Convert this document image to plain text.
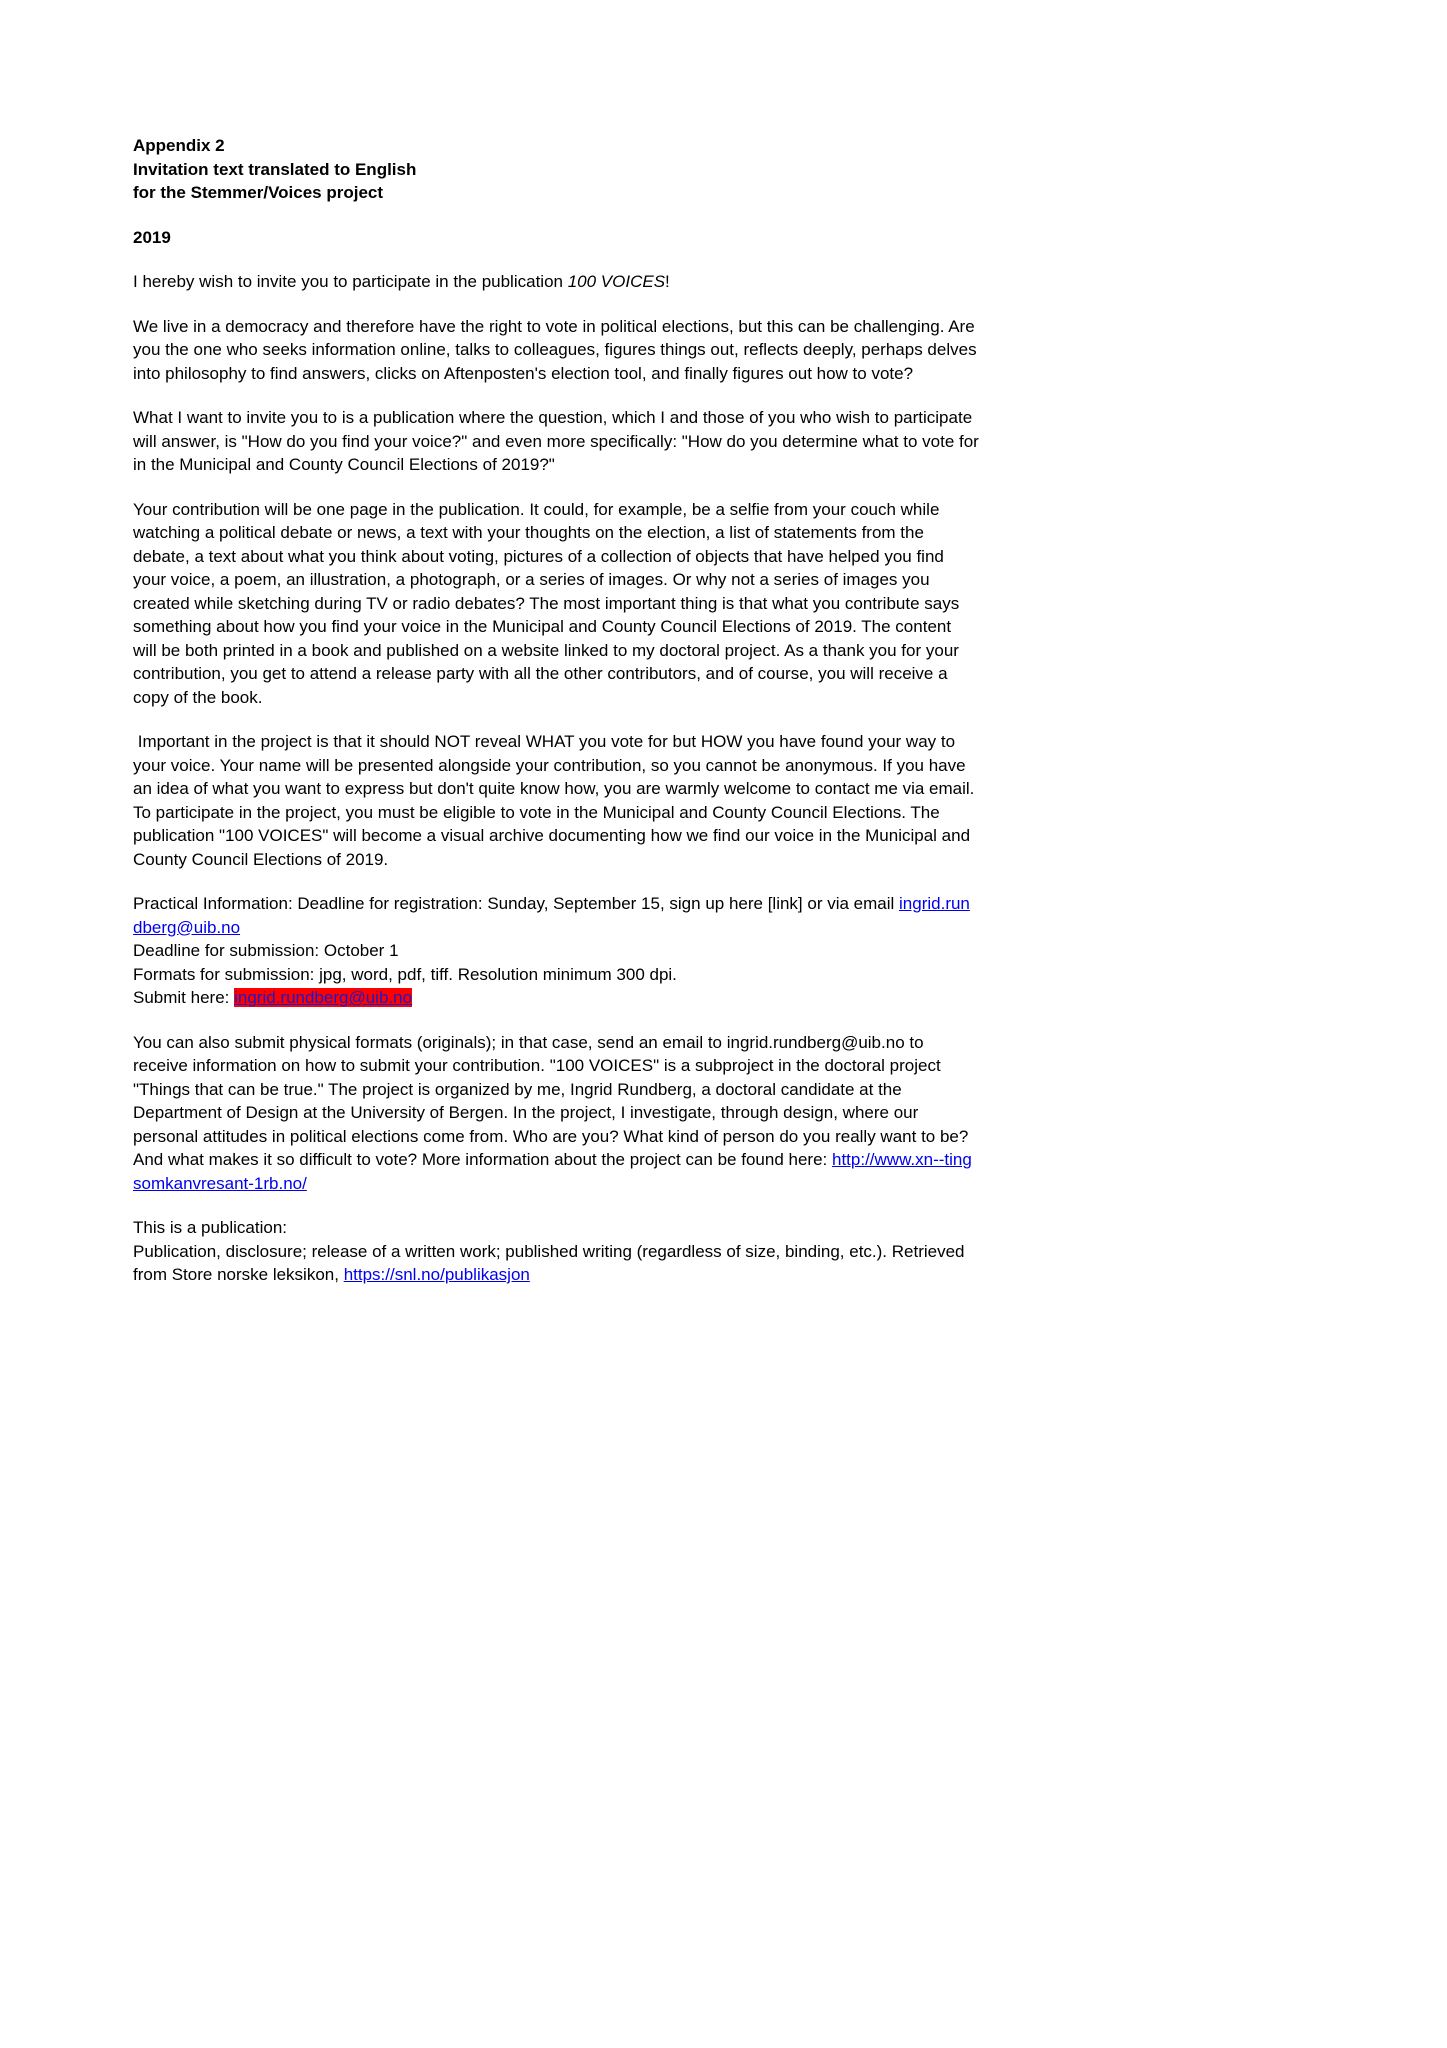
Appendix 2
Invitation text translated to English
for the Stemmer/Voices project

2019

I hereby wish to invite you to participate in the publication 100 VOICES!

We live in a democracy and therefore have the right to vote in political elections, but this can be challenging. Are you the one who seeks information online, talks to colleagues, figures things out, reflects deeply, perhaps delves into philosophy to find answers, clicks on Aftenposten's election tool, and finally figures out how to vote?

What I want to invite you to is a publication where the question, which I and those of you who wish to participate will answer, is "How do you find your voice?" and even more specifically: "How do you determine what to vote for in the Municipal and County Council Elections of 2019?"

Your contribution will be one page in the publication. It could, for example, be a selfie from your couch while watching a political debate or news, a text with your thoughts on the election, a list of statements from the debate, a text about what you think about voting, pictures of a collection of objects that have helped you find your voice, a poem, an illustration, a photograph, or a series of images. Or why not a series of images you created while sketching during TV or radio debates? The most important thing is that what you contribute says something about how you find your voice in the Municipal and County Council Elections of 2019. The content will be both printed in a book and published on a website linked to my doctoral project. As a thank you for your contribution, you get to attend a release party with all the other contributors, and of course, you will receive a copy of the book.

Important in the project is that it should NOT reveal WHAT you vote for but HOW you have found your way to your voice. Your name will be presented alongside your contribution, so you cannot be anonymous. If you have an idea of what you want to express but don't quite know how, you are warmly welcome to contact me via email. To participate in the project, you must be eligible to vote in the Municipal and County Council Elections. The publication "100 VOICES" will become a visual archive documenting how we find our voice in the Municipal and County Council Elections of 2019.

Practical Information: Deadline for registration: Sunday, September 15, sign up here [link] or via email ingrid.rundberg@uib.no
Deadline for submission: October 1
Formats for submission: jpg, word, pdf, tiff. Resolution minimum 300 dpi.
Submit here: ingrid.rundberg@uib.no

You can also submit physical formats (originals); in that case, send an email to ingrid.rundberg@uib.no to receive information on how to submit your contribution. "100 VOICES" is a subproject in the doctoral project "Things that can be true." The project is organized by me, Ingrid Rundberg, a doctoral candidate at the Department of Design at the University of Bergen. In the project, I investigate, through design, where our personal attitudes in political elections come from. Who are you? What kind of person do you really want to be? And what makes it so difficult to vote? More information about the project can be found here: http://www.xn--tingsomkanvresant-1rb.no/

This is a publication:
Publication, disclosure; release of a written work; published writing (regardless of size, binding, etc.). Retrieved from Store norske leksikon, https://snl.no/publikasjon
